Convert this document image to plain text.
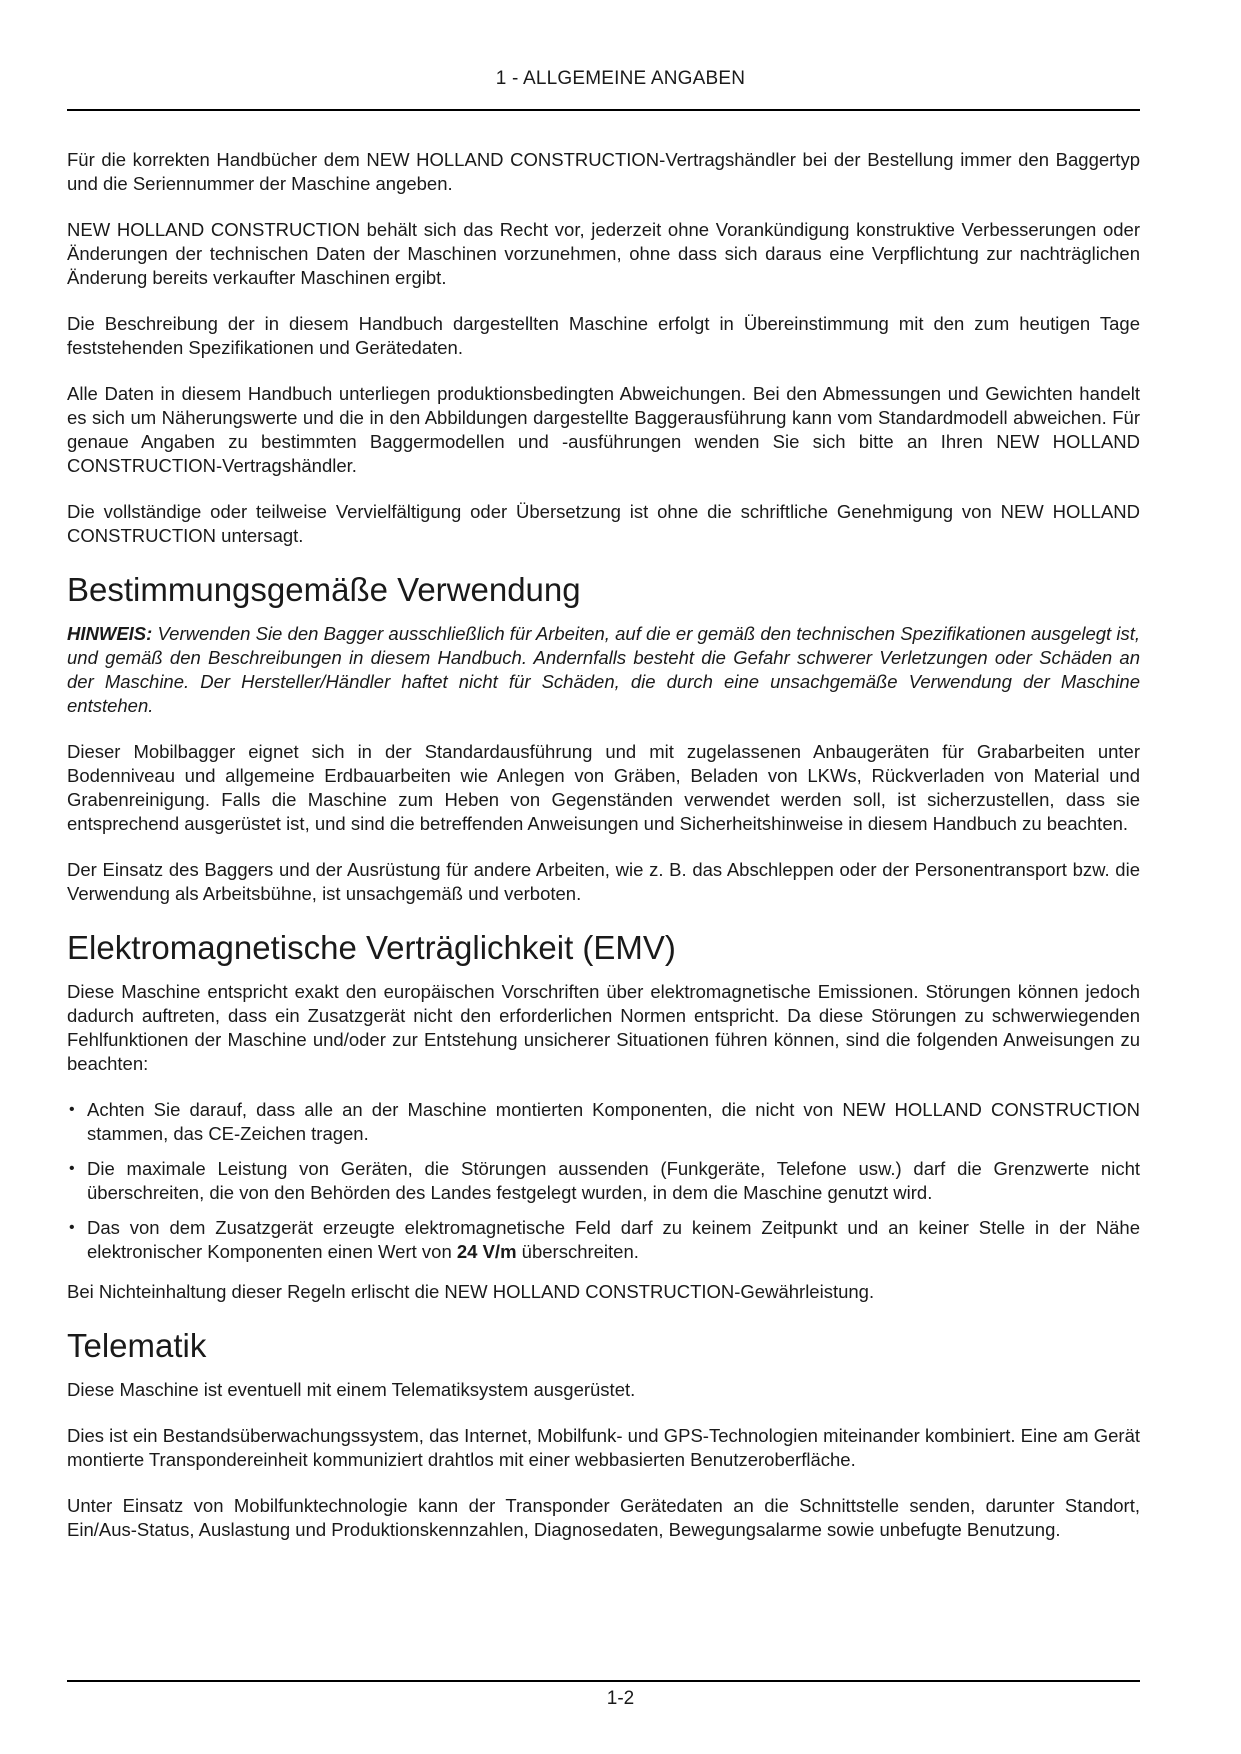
1 - ALLGEMEINE ANGABEN

Für die korrekten Handbücher dem NEW HOLLAND CONSTRUCTION-Vertragshändler bei der Bestellung immer den Baggertyp und die Seriennummer der Maschine angeben.

NEW HOLLAND CONSTRUCTION behält sich das Recht vor, jederzeit ohne Vorankündigung konstruktive Verbesserungen oder Änderungen der technischen Daten der Maschinen vorzunehmen, ohne dass sich daraus eine Verpflichtung zur nachträglichen Änderung bereits verkaufter Maschinen ergibt.

Die Beschreibung der in diesem Handbuch dargestellten Maschine erfolgt in Übereinstimmung mit den zum heutigen Tage feststehenden Spezifikationen und Gerätedaten.

Alle Daten in diesem Handbuch unterliegen produktionsbedingten Abweichungen. Bei den Abmessungen und Gewichten handelt es sich um Näherungswerte und die in den Abbildungen dargestellte Baggerausführung kann vom Standardmodell abweichen. Für genaue Angaben zu bestimmten Baggermodellen und -ausführungen wenden Sie sich bitte an Ihren NEW HOLLAND CONSTRUCTION-Vertragshändler.

Die vollständige oder teilweise Vervielfältigung oder Übersetzung ist ohne die schriftliche Genehmigung von NEW HOLLAND CONSTRUCTION untersagt.

Bestimmungsgemäße Verwendung

HINWEIS: Verwenden Sie den Bagger ausschließlich für Arbeiten, auf die er gemäß den technischen Spezifikationen ausgelegt ist, und gemäß den Beschreibungen in diesem Handbuch. Andernfalls besteht die Gefahr schwerer Verletzungen oder Schäden an der Maschine. Der Hersteller/Händler haftet nicht für Schäden, die durch eine unsachgemäße Verwendung der Maschine entstehen.

Dieser Mobilbagger eignet sich in der Standardausführung und mit zugelassenen Anbaugeräten für Grabarbeiten unter Bodenniveau und allgemeine Erdbauarbeiten wie Anlegen von Gräben, Beladen von LKWs, Rückverladen von Material und Grabenreinigung. Falls die Maschine zum Heben von Gegenständen verwendet werden soll, ist sicherzustellen, dass sie entsprechend ausgerüstet ist, und sind die betreffenden Anweisungen und Sicherheitshinweise in diesem Handbuch zu beachten.

Der Einsatz des Baggers und der Ausrüstung für andere Arbeiten, wie z. B. das Abschleppen oder der Personentransport bzw. die Verwendung als Arbeitsbühne, ist unsachgemäß und verboten.

Elektromagnetische Verträglichkeit (EMV)

Diese Maschine entspricht exakt den europäischen Vorschriften über elektromagnetische Emissionen. Störungen können jedoch dadurch auftreten, dass ein Zusatzgerät nicht den erforderlichen Normen entspricht. Da diese Störungen zu schwerwiegenden Fehlfunktionen der Maschine und/oder zur Entstehung unsicherer Situationen führen können, sind die folgenden Anweisungen zu beachten:

• Achten Sie darauf, dass alle an der Maschine montierten Komponenten, die nicht von NEW HOLLAND CONSTRUCTION stammen, das CE-Zeichen tragen.
• Die maximale Leistung von Geräten, die Störungen aussenden (Funkgeräte, Telefone usw.) darf die Grenzwerte nicht überschreiten, die von den Behörden des Landes festgelegt wurden, in dem die Maschine genutzt wird.
• Das von dem Zusatzgerät erzeugte elektromagnetische Feld darf zu keinem Zeitpunkt und an keiner Stelle in der Nähe elektronischer Komponenten einen Wert von 24 V/m überschreiten.

Bei Nichteinhaltung dieser Regeln erlischt die NEW HOLLAND CONSTRUCTION-Gewährleistung.

Telematik

Diese Maschine ist eventuell mit einem Telematiksystem ausgerüstet.

Dies ist ein Bestandsüberwachungssystem, das Internet, Mobilfunk- und GPS-Technologien miteinander kombiniert. Eine am Gerät montierte Transpondereinheit kommuniziert drahtlos mit einer webbasierten Benutzeroberfläche.

Unter Einsatz von Mobilfunktechnologie kann der Transponder Gerätedaten an die Schnittstelle senden, darunter Standort, Ein/Aus-Status, Auslastung und Produktionskennzahlen, Diagnosedaten, Bewegungsalarme sowie unbefugte Benutzung.

1-2
